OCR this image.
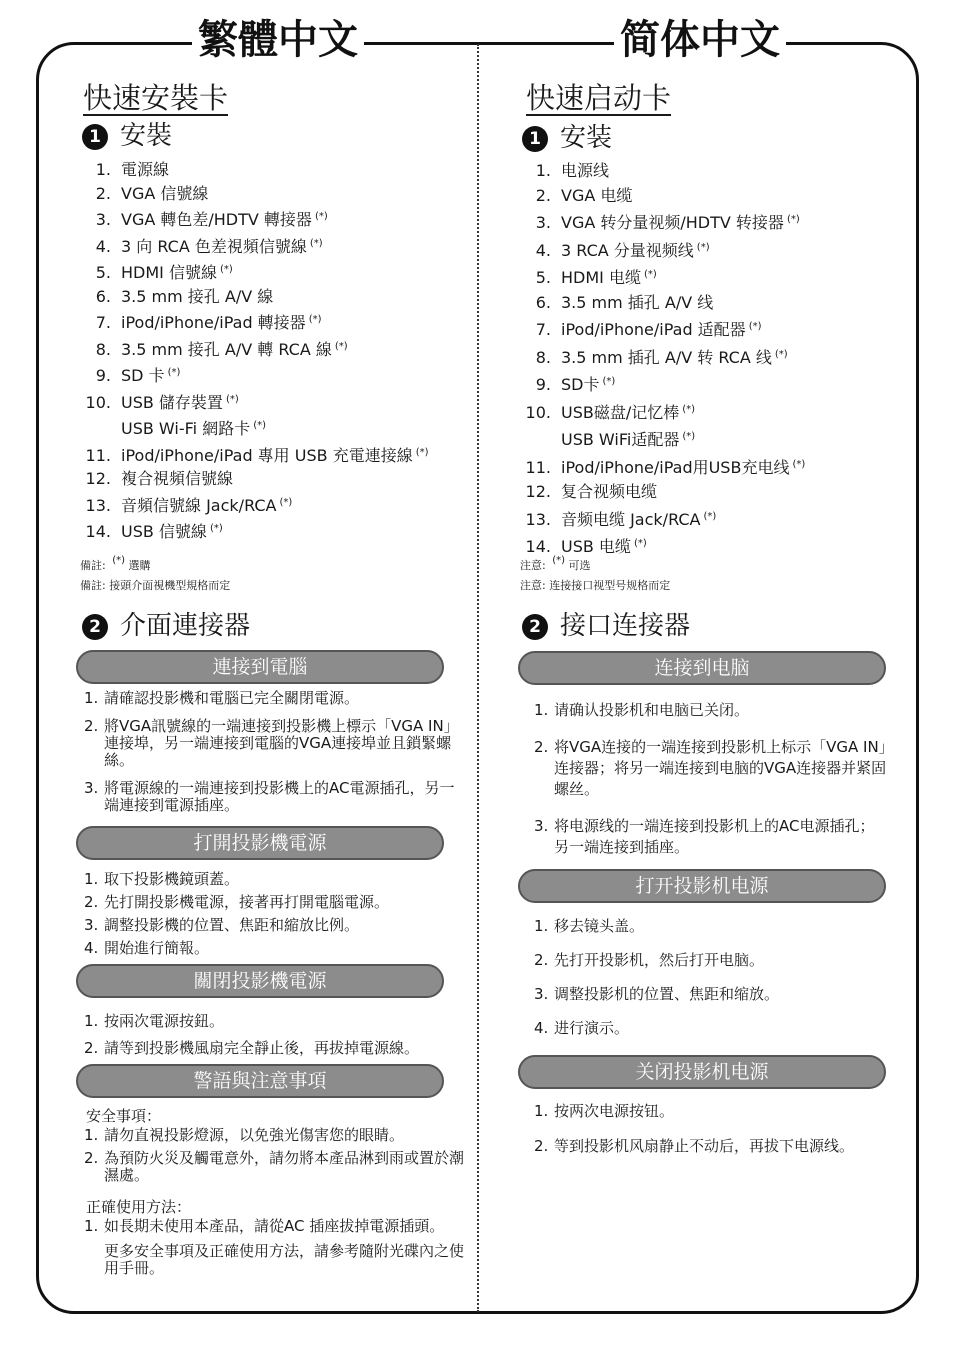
繁體中文	简体中文
快速安裝卡
1 安裝
1. 電源線
2. VGA 信號線
3. VGA 轉色差/HDTV 轉接器 (*)
4. 3 向 RCA 色差視頻信號線 (*)
5. HDMI 信號線 (*)
6. 3.5 mm 接孔 A/V 線
7. iPod/iPhone/iPad 轉接器 (*)
8. 3.5 mm 接孔 A/V 轉 RCA 線 (*)
9. SD 卡 (*)
10. USB 儲存裝置 (*)
USB Wi-Fi 網路卡 (*)
11. iPod/iPhone/iPad 專用 USB 充電連接線 (*)
12. 複合視頻信號線
13. 音頻信號線 Jack/RCA (*)
14. USB 信號線 (*)
備註: (*) 選購
備註: 接頭介面視機型規格而定
2 介面連接器
連接到電腦
1. 請確認投影機和電腦已完全關閉電源。
2. 將VGA訊號線的一端連接到投影機上標示「VGA IN」連接埠，另一端連接到電腦的VGA連接埠並且鎖緊螺絲。
3. 將電源線的一端連接到投影機上的AC電源插孔，另一端連接到電源插座。
打開投影機電源
1. 取下投影機鏡頭蓋。
2. 先打開投影機電源，接著再打開電腦電源。
3. 調整投影機的位置、焦距和縮放比例。
4. 開始進行簡報。
關閉投影機電源
1. 按兩次電源按鈕。
2. 請等到投影機風扇完全靜止後，再拔掉電源線。
警語與注意事項
安全事項：
1. 請勿直視投影燈源，以免強光傷害您的眼睛。
2. 為預防火災及觸電意外，請勿將本產品淋到雨或置於潮濕處。
正確使用方法：
1. 如長期未使用本產品，請從AC 插座拔掉電源插頭。
更多安全事項及正確使用方法，請參考隨附光碟內之使用手冊。
快速启动卡
1 安装
1. 电源线
2. VGA 电缆
3. VGA 转分量视频/HDTV 转接器 (*)
4. 3 RCA 分量视频线 (*)
5. HDMI 电缆 (*)
6. 3.5 mm 插孔 A/V 线
7. iPod/iPhone/iPad 适配器 (*)
8. 3.5 mm 插孔 A/V 转 RCA 线 (*)
9. SD卡 (*)
10. USB磁盘/记忆棒 (*)
USB WiFi适配器 (*)
11. iPod/iPhone/iPad用USB充电线 (*)
12. 复合视频电缆
13. 音频电缆 Jack/RCA (*)
14. USB 电缆 (*)
注意: (*) 可选
注意: 连接接口视型号规格而定
2 接口连接器
连接到电脑
1. 请确认投影机和电脑已关闭。
2. 将VGA连接的一端连接到投影机上标示「VGA IN」连接器；将另一端连接到电脑的VGA连接器并紧固螺丝。
3. 将电源线的一端连接到投影机上的AC电源插孔；另一端连接到插座。
打开投影机电源
1. 移去镜头盖。
2. 先打开投影机，然后打开电脑。
3. 调整投影机的位置、焦距和缩放。
4. 进行演示。
关闭投影机电源
1. 按两次电源按钮。
2. 等到投影机风扇静止不动后，再拔下电源线。
